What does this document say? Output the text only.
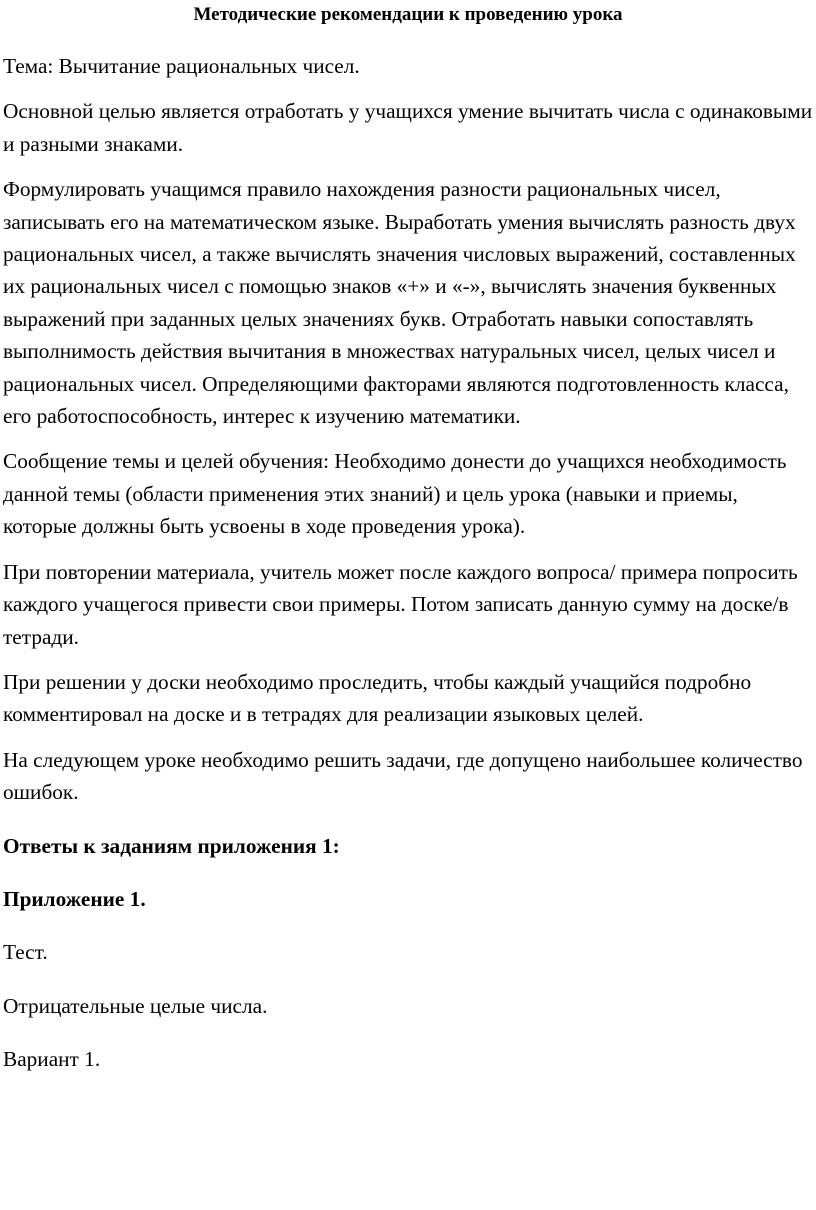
Методические рекомендации к проведению урока

Тема: Вычитание рациональных чисел.

Основной целью является отработать у учащихся умение вычитать числа с одинаковыми и разными знаками.

Формулировать учащимся правило нахождения разности рациональных чисел, записывать его на математическом языке. Выработать умения вычислять разность двух рациональных чисел, а также вычислять значения числовых выражений, составленных их рациональных чисел с помощью знаков «+» и «-», вычислять значения буквенных выражений при заданных целых значениях букв. Отработать навыки сопоставлять выполнимость действия вычитания в множествах натуральных чисел, целых чисел и рациональных чисел. Определяющими факторами являются подготовленность класса, его работоспособность, интерес к изучению математики.

Сообщение темы и целей обучения: Необходимо донести до учащихся необходимость данной темы (области применения этих знаний) и цель урока (навыки и приемы, которые должны быть усвоены в ходе проведения урока).

При повторении материала, учитель может после каждого вопроса/ примера попросить каждого учащегося привести свои примеры. Потом записать данную сумму на доске/в тетради.

При решении у доски необходимо проследить, чтобы каждый учащийся подробно комментировал на доске и в тетрадях для реализации языковых целей.

На следующем уроке необходимо решить задачи, где допущено наибольшее количество ошибок.

Ответы к заданиям приложения 1:

Приложение 1.

Тест.

Отрицательные целые числа.

Вариант 1.
